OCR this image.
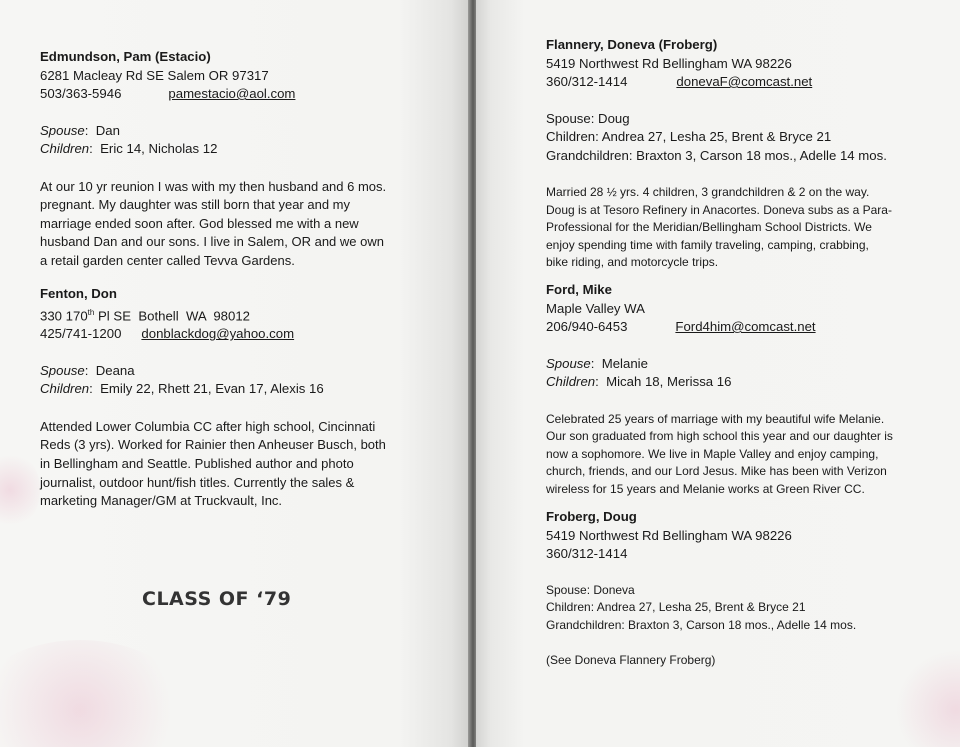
Edmundson, Pam (Estacio)

6281 Macleay Rd SE Salem OR 97317

503/363-5946	pamestacio@aol.com

Spouse:  Dan

Children:  Eric 14, Nicholas 12

At our 10 yr reunion I was with my then husband and 6 mos.

pregnant. My daughter was still born that year and my

marriage ended soon after. God blessed me with a new

husband Dan and our sons. I live in Salem, OR and we own

a retail garden center called Tevva Gardens.

Fenton, Don

330 170th Pl SE  Bothell  WA  98012

425/741-1200 donblackdog@yahoo.com

Spouse:  Deana

Children:  Emily 22, Rhett 21, Evan 17, Alexis 16

Attended Lower Columbia CC after high school, Cincinnati

Reds (3 yrs). Worked for Rainier then Anheuser Busch, both

in Bellingham and Seattle. Published author and photo

journalist, outdoor hunt/fish titles. Currently the sales &

marketing Manager/GM at Truckvault, Inc.

CLASS OF ‘79

Flannery, Doneva (Froberg)

5419 Northwest Rd Bellingham WA 98226

360/312-1414	donevaF@comcast.net

Spouse: Doug

Children: Andrea 27, Lesha 25, Brent & Bryce 21

Grandchildren: Braxton 3, Carson 18 mos., Adelle 14 mos.

Married 28 ½ yrs. 4 children, 3 grandchildren & 2 on the way.

Doug is at Tesoro Refinery in Anacortes. Doneva subs as a Para-

Professional for the Meridian/Bellingham School Districts. We

enjoy spending time with family traveling, camping, crabbing,

bike riding, and motorcycle trips.

Ford, Mike

Maple Valley WA

206/940-6453	Ford4him@comcast.net

Spouse:  Melanie

Children:  Micah 18, Merissa 16

Celebrated 25 years of marriage with my beautiful wife Melanie.

Our son graduated from high school this year and our daughter is

now a sophomore. We live in Maple Valley and enjoy camping,

church, friends, and our Lord Jesus. Mike has been with Verizon

wireless for 15 years and Melanie works at Green River CC.

Froberg, Doug

5419 Northwest Rd Bellingham WA 98226

360/312-1414

Spouse: Doneva

Children: Andrea 27, Lesha 25, Brent & Bryce 21

Grandchildren: Braxton 3, Carson 18 mos., Adelle 14 mos.

(See Doneva Flannery Froberg)
